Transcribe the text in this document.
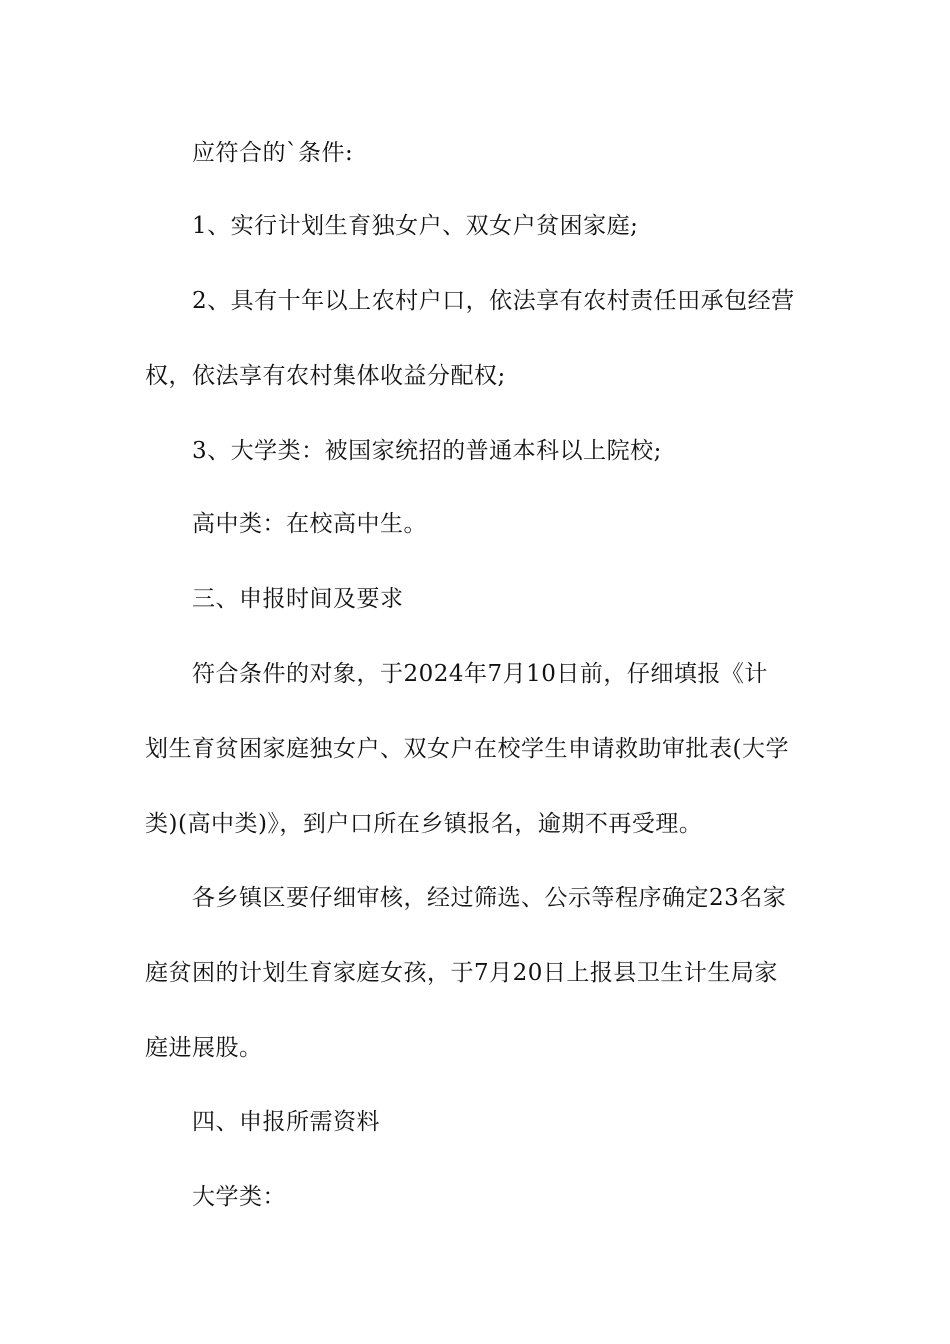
应符合的`条件:
1、实行计划生育独女户、双女户贫困家庭;
2、具有十年以上农村户口，依法享有农村责任田承包经营
权，依法享有农村集体收益分配权;
3、大学类：被国家统招的普通本科以上院校;
高中类：在校高中生。
三、申报时间及要求
符合条件的对象，于2024年7月10日前，仔细填报《计
划生育贫困家庭独女户、双女户在校学生申请救助审批表(大学
类)(高中类)》，到户口所在乡镇报名，逾期不再受理。
各乡镇区要仔细审核，经过筛选、公示等程序确定23名家
庭贫困的计划生育家庭女孩，于7月20日上报县卫生计生局家
庭进展股。
四、申报所需资料
大学类：
